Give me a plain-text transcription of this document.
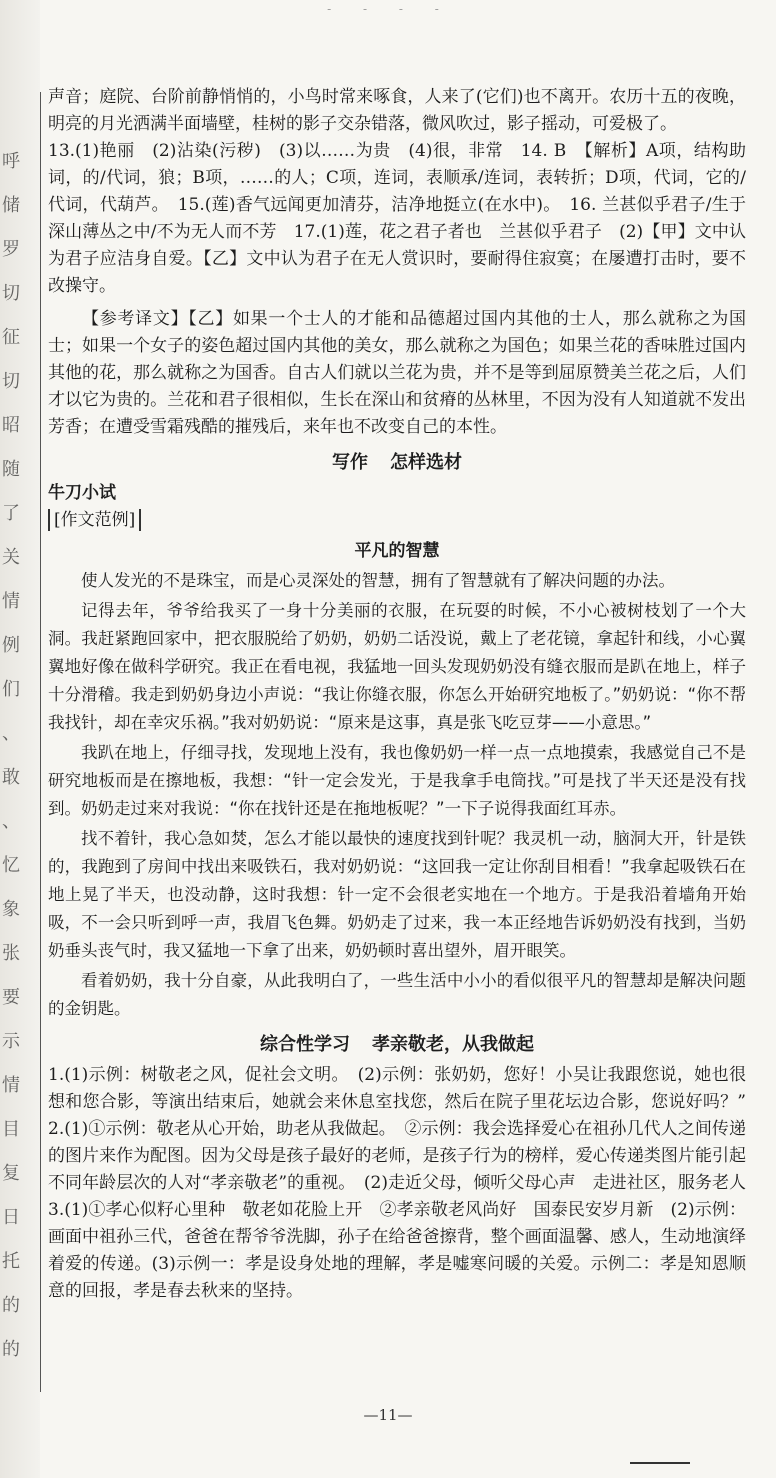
呼
储
罗
切
征
切
昭
随
了
关
情
例
们
、
敢
、
忆
象
张
要
示
情
目
复
日
托
的
的
- - - -

声音；庭院、台阶前静悄悄的，小鸟时常来啄食，人来了(它们)也不离开。农历十五的夜晚，明亮的月光洒满半面墙壁，桂树的影子交杂错落，微风吹过，影子摇动，可爱极了。

13.(1)艳丽　(2)沾染(污秽)　(3)以……为贵　(4)很，非常　14. B　【解析】A项，结构助词，的/代词，狼；B项，……的人；C项，连词，表顺承/连词，表转折；D项，代词，它的/代词，代葫芦。　15.(莲)香气远闻更加清芬，洁净地挺立(在水中)。　16. 兰甚似乎君子/生于深山薄丛之中/不为无人而不芳　17.(1)莲，花之君子者也　兰甚似乎君子　(2)【甲】文中认为君子应洁身自爱。【乙】文中认为君子在无人赏识时，要耐得住寂寞；在屡遭打击时，要不改操守。

【参考译文】【乙】如果一个士人的才能和品德超过国内其他的士人，那么就称之为国士；如果一个女子的姿色超过国内其他的美女，那么就称之为国色；如果兰花的香味胜过国内其他的花，那么就称之为国香。自古人们就以兰花为贵，并不是等到屈原赞美兰花之后，人们才以它为贵的。兰花和君子很相似，生长在深山和贫瘠的丛林里，不因为没有人知道就不发出芳香；在遭受雪霜残酷的摧残后，来年也不改变自己的本性。

写作 怎样选材

牛刀小试

[作文范例]

平凡的智慧

使人发光的不是珠宝，而是心灵深处的智慧，拥有了智慧就有了解决问题的办法。

记得去年，爷爷给我买了一身十分美丽的衣服，在玩耍的时候，不小心被树枝划了一个大洞。我赶紧跑回家中，把衣服脱给了奶奶，奶奶二话没说，戴上了老花镜，拿起针和线，小心翼翼地好像在做科学研究。我正在看电视，我猛地一回头发现奶奶没有缝衣服而是趴在地上，样子十分滑稽。我走到奶奶身边小声说：“我让你缝衣服，你怎么开始研究地板了。”奶奶说：“你不帮我找针，却在幸灾乐祸。”我对奶奶说：“原来是这事，真是张飞吃豆芽——小意思。”

我趴在地上，仔细寻找，发现地上没有，我也像奶奶一样一点一点地摸索，我感觉自己不是研究地板而是在擦地板，我想：“针一定会发光，于是我拿手电筒找。”可是找了半天还是没有找到。奶奶走过来对我说：“你在找针还是在拖地板呢？”一下子说得我面红耳赤。

找不着针，我心急如焚，怎么才能以最快的速度找到针呢？我灵机一动，脑洞大开，针是铁的，我跑到了房间中找出来吸铁石，我对奶奶说：“这回我一定让你刮目相看！”我拿起吸铁石在地上晃了半天，也没动静，这时我想：针一定不会很老实地在一个地方。于是我沿着墙角开始吸，不一会只听到呼一声，我眉飞色舞。奶奶走了过来，我一本正经地告诉奶奶没有找到，当奶奶垂头丧气时，我又猛地一下拿了出来，奶奶顿时喜出望外，眉开眼笑。

看着奶奶，我十分自豪，从此我明白了，一些生活中小小的看似很平凡的智慧却是解决问题的金钥匙。

综合性学习 孝亲敬老，从我做起

1.(1)示例：树敬老之风，促社会文明。　(2)示例：张奶奶，您好！小吴让我跟您说，她也很想和您合影，等演出结束后，她就会来休息室找您，然后在院子里花坛边合影，您说好吗？”　2.(1)①示例：敬老从心开始，助老从我做起。　②示例：我会选择爱心在祖孙几代人之间传递的图片来作为配图。因为父母是孩子最好的老师，是孩子行为的榜样，爱心传递类图片能引起不同年龄层次的人对“孝亲敬老”的重视。　(2)走近父母，倾听父母心声　走进社区，服务老人　3.(1)①孝心似籽心里种　敬老如花脸上开　②孝亲敬老风尚好　国泰民安岁月新　(2)示例：画面中祖孙三代，爸爸在帮爷爷洗脚，孙子在给爸爸擦背，整个画面温馨、感人，生动地演绎着爱的传递。(3)示例一：孝是设身处地的理解，孝是嘘寒问暖的关爱。示例二：孝是知恩顺意的回报，孝是春去秋来的坚持。

—11—
